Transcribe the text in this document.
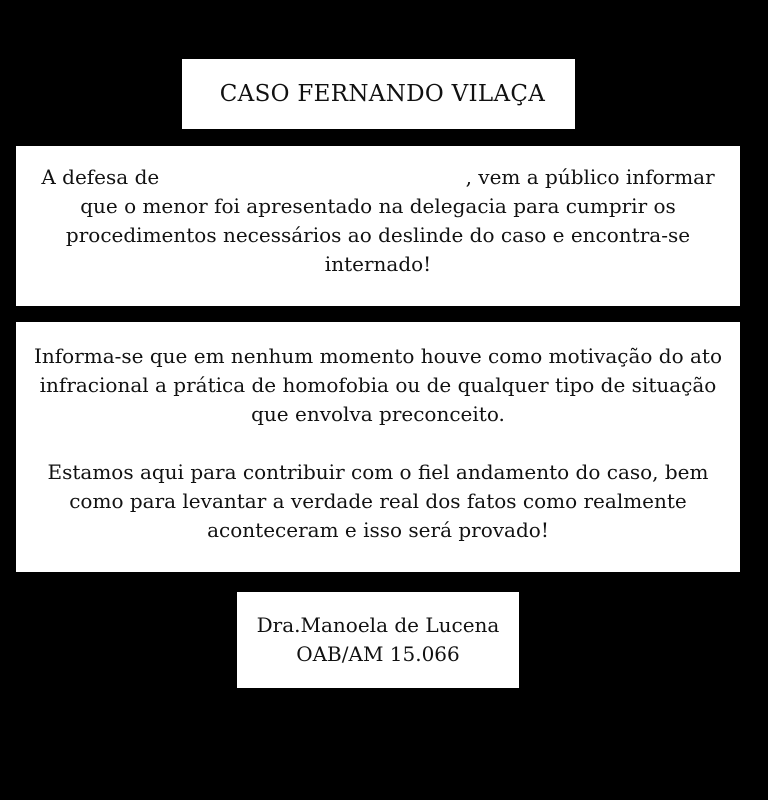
CASO FERNANDO VILAÇA
A defesa de	, vem a público informar que o menor foi apresentado na delegacia para cumprir os procedimentos necessários ao deslinde do caso e encontra-se internado!

Informa-se que em nenhum momento houve como motivação do ato infracional a prática de homofobia ou de qualquer tipo de situação que envolva preconceito.

Estamos aqui para contribuir com o fiel andamento do caso, bem como para levantar a verdade real dos fatos como realmente aconteceram e isso será provado!

Dra.Manoela de Lucena
OAB/AM 15.066
